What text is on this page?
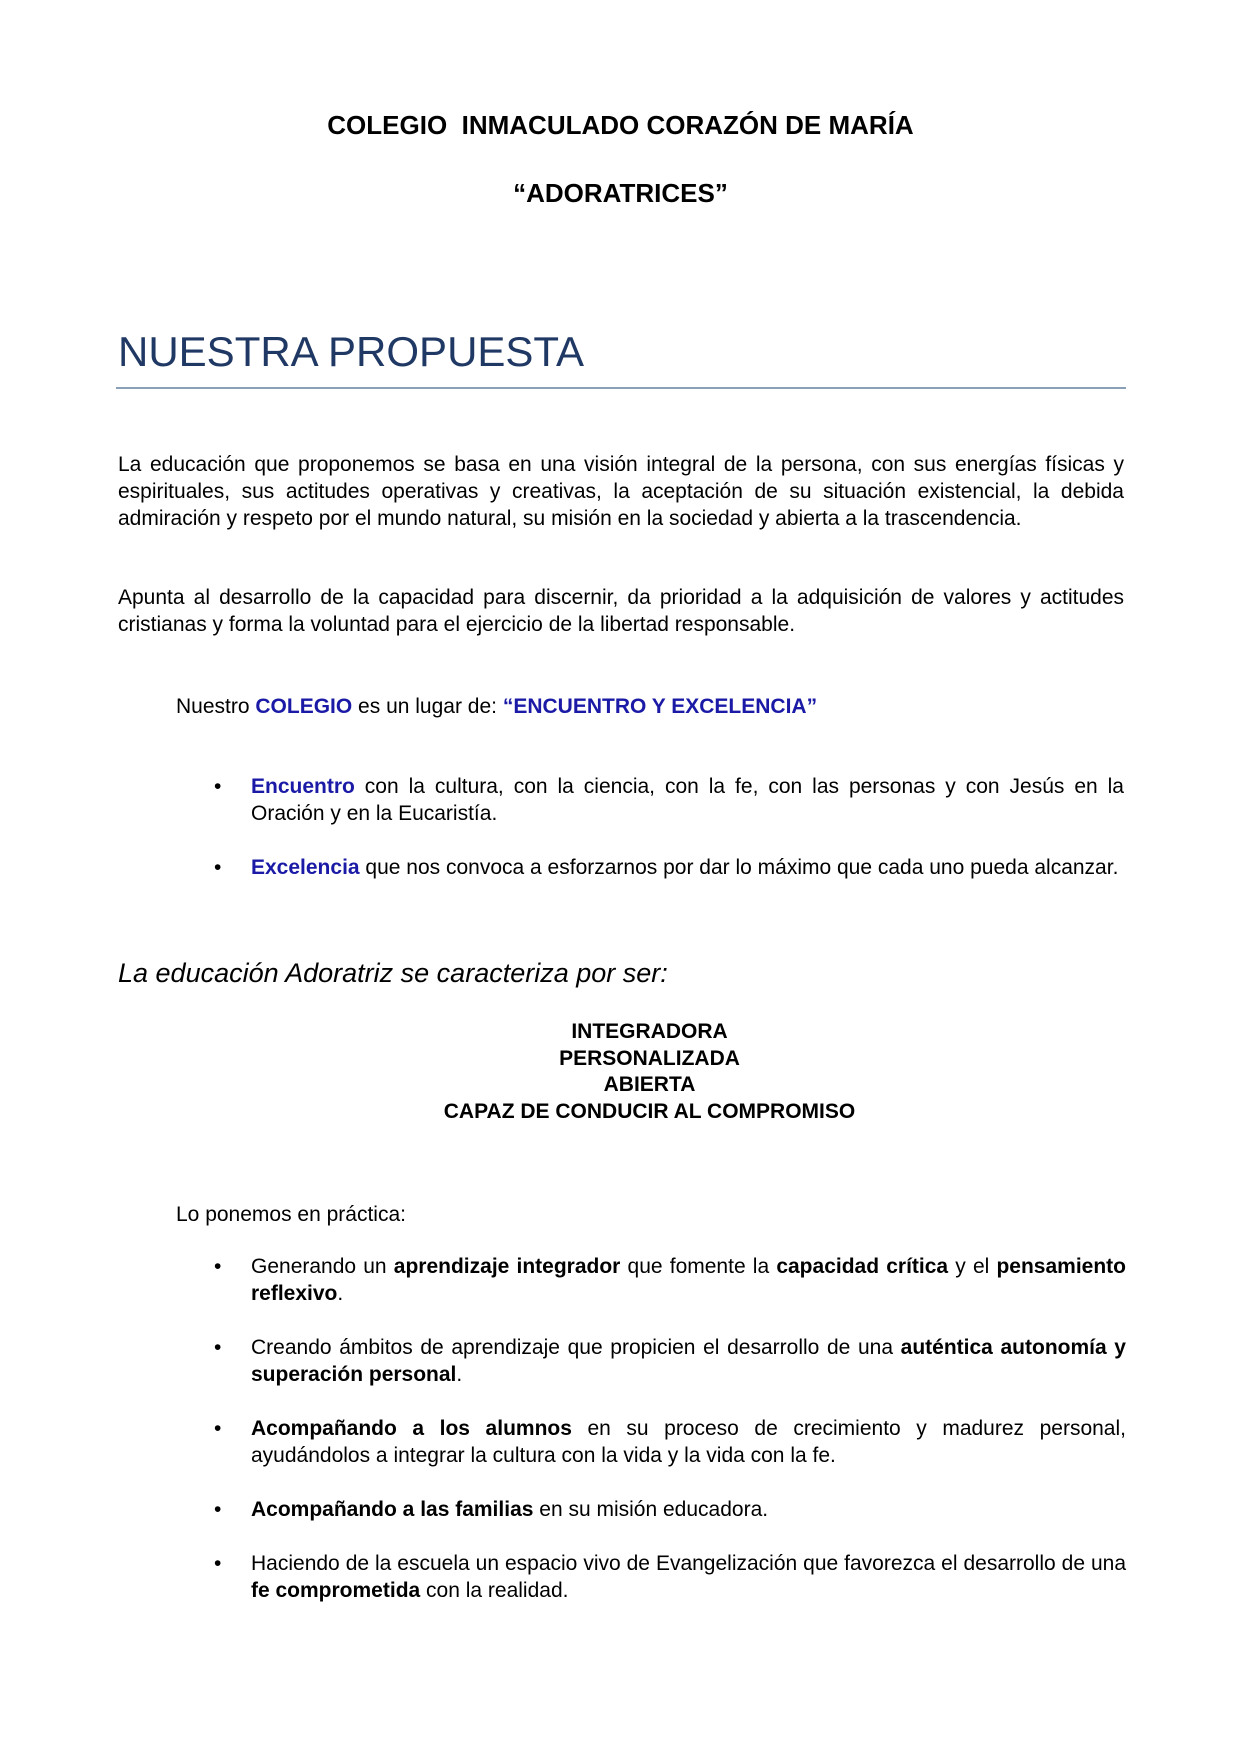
COLEGIO  INMACULADO CORAZÓN DE MARÍA
“ADORATRICES”
NUESTRA PROPUESTA

La educación que proponemos se basa en una visión integral de la persona, con sus energías físicas y espirituales, sus actitudes operativas y creativas, la aceptación de su situación existencial, la debida admiración y respeto por el mundo natural, su misión en la sociedad y abierta a la trascendencia.

Apunta al desarrollo de la capacidad para discernir, da prioridad a la adquisición de valores y actitudes cristianas y forma la voluntad para el ejercicio de la libertad responsable.

Nuestro COLEGIO es un lugar de: “ENCUENTRO Y EXCELENCIA”

• Encuentro con la cultura, con la ciencia, con la fe, con las personas y con Jesús en la Oración y en la Eucaristía.
• Excelencia que nos convoca a esforzarnos por dar lo máximo que cada uno pueda alcanzar.

La educación Adoratriz se caracteriza por ser:

INTEGRADORA
PERSONALIZADA
ABIERTA
CAPAZ DE CONDUCIR AL COMPROMISO

Lo ponemos en práctica:

• Generando un aprendizaje integrador que fomente la capacidad crítica y el pensamiento reflexivo.
• Creando ámbitos de aprendizaje que propicien el desarrollo de una auténtica autonomía y superación personal.
• Acompañando a los alumnos en su proceso de crecimiento y madurez personal, ayudándolos a integrar la cultura con la vida y la vida con la fe.
• Acompañando a las familias en su misión educadora.
• Haciendo de la escuela un espacio vivo de Evangelización que favorezca el desarrollo de una fe comprometida con la realidad.
